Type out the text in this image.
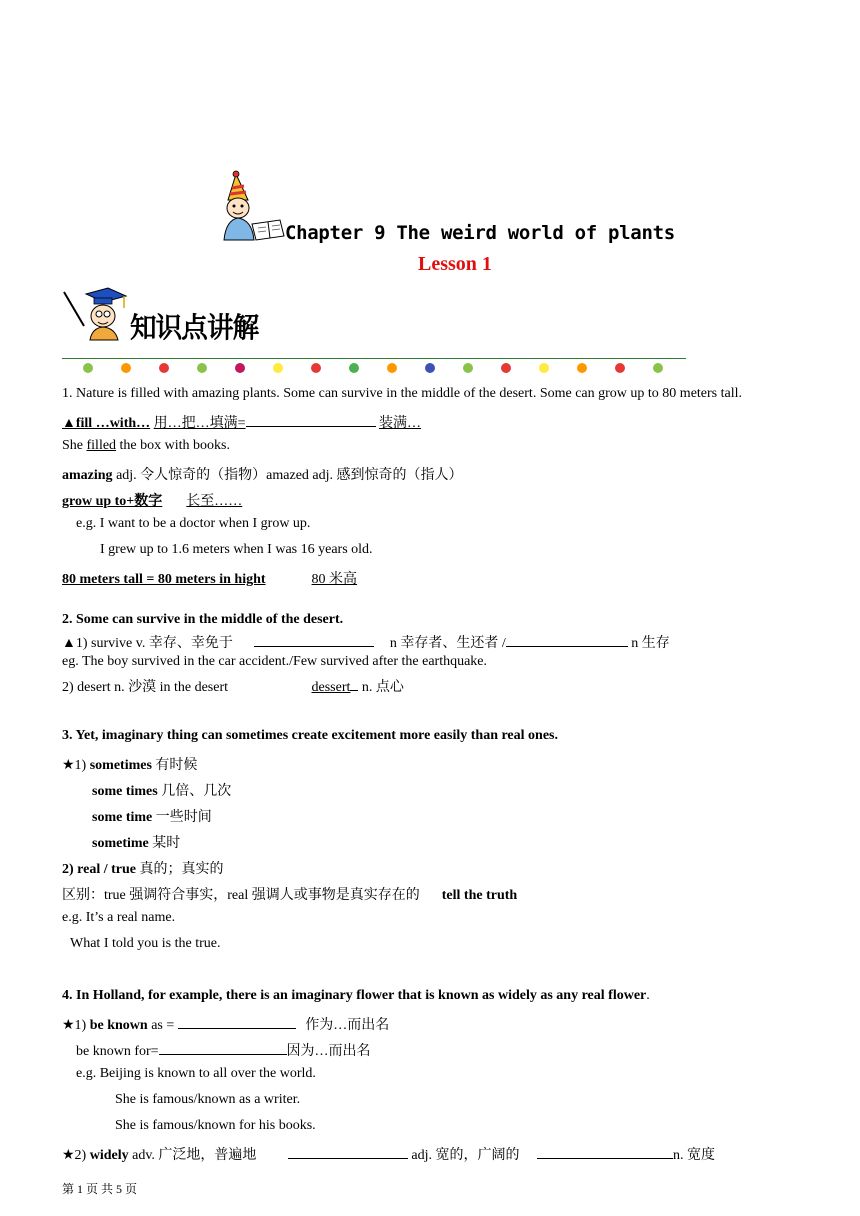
Chapter 9 The weird world of plants
Lesson 1
知识点讲解
1. Nature is filled with amazing plants. Some can survive in the middle of the desert. Some can grow up to 80 meters tall.
▲fill …with… 用…把…填满=	装满…
She filled the box with books.
amazing adj. 令人惊奇的（指物）amazed adj. 感到惊奇的（指人）
grow up to+数字 长至……
e.g. I want to be a doctor when I grow up.
I grew up to 1.6 meters when I was 16 years old.
80 meters tall = 80 meters in hight	80 米高
2. Some can survive in the middle of the desert.
▲1) survive v. 幸存、幸免于	n 幸存者、生还者 /	n 生存
eg. The boy survived in the car accident./Few survived after the earthquake.
2) desert n. 沙漠 in the desert	dessert n. 点心
3. Yet, imaginary thing can sometimes create excitement more easily than real ones.
★1) sometimes 有时候
some times 几倍、几次
some time 一些时间
sometime 某时
2) real / true 真的；真实的
区别：true 强调符合事实，real 强调人或事物是真实存在的 tell the truth
e.g. It’s a real name.
What I told you is the true.
4. In Holland, for example, there is an imaginary flower that is known as widely as any real flower.
★1) be known as =	作为…而出名
be known for=	因为…而出名
e.g. Beijing is known to all over the world.
She is famous/known as a writer.
She is famous/known for his books.
★2) widely adv. 广泛地，普遍地	adj. 宽的，广阔的	n. 宽度
第 1 页 共 5 页
